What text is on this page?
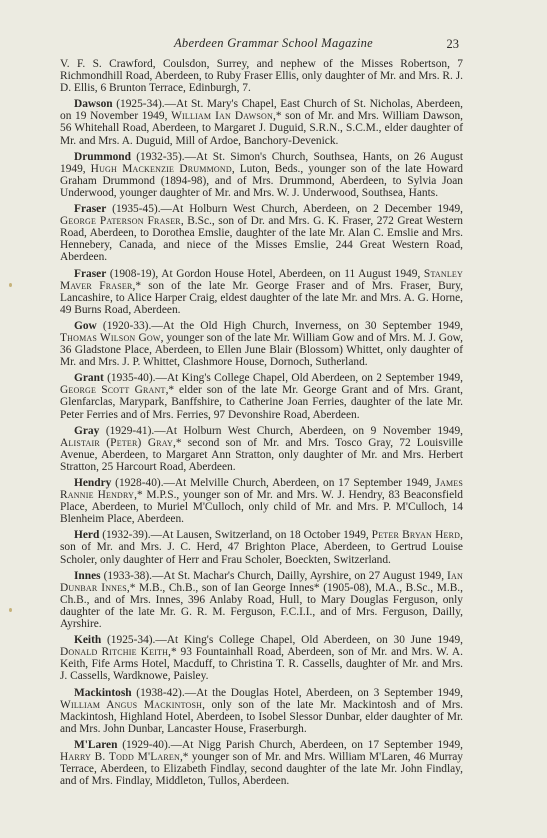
Aberdeen Grammar School Magazine	23

V. F. S. Crawford, Coulsdon, Surrey, and nephew of the Misses Robertson, 7 Richmondhill Road, Aberdeen, to Ruby Fraser Ellis, only daughter of Mr. and Mrs. R. J. D. Ellis, 6 Brunton Terrace, Edinburgh, 7.

Dawson (1925-34).—At St. Mary's Chapel, East Church of St. Nicholas, Aberdeen, on 19 November 1949, William Ian Dawson,* son of Mr. and Mrs. William Dawson, 56 Whitehall Road, Aberdeen, to Margaret J. Duguid, S.R.N., S.C.M., elder daughter of Mr. and Mrs. A. Duguid, Mill of Ardoe, Banchory-Devenick.

Drummond (1932-35).—At St. Simon's Church, Southsea, Hants, on 26 August 1949, Hugh Mackenzie Drummond, Luton, Beds., younger son of the late Howard Graham Drummond (1894-98), and of Mrs. Drummond, Aberdeen, to Sylvia Joan Underwood, younger daughter of Mr. and Mrs. W. J. Underwood, Southsea, Hants.

Fraser (1935-45).—At Holburn West Church, Aberdeen, on 2 December 1949, George Paterson Fraser, B.Sc., son of Dr. and Mrs. G. K. Fraser, 272 Great Western Road, Aberdeen, to Dorothea Emslie, daughter of the late Mr. Alan C. Emslie and Mrs. Hennebery, Canada, and niece of the Misses Emslie, 244 Great Western Road, Aberdeen.

Fraser (1908-19), At Gordon House Hotel, Aberdeen, on 11 August 1949, Stanley Maver Fraser,* son of the late Mr. George Fraser and of Mrs. Fraser, Bury, Lancashire, to Alice Harper Craig, eldest daughter of the late Mr. and Mrs. A. G. Horne, 49 Burns Road, Aberdeen.

Gow (1920-33).—At the Old High Church, Inverness, on 30 September 1949, Thomas Wilson Gow, younger son of the late Mr. William Gow and of Mrs. M. J. Gow, 36 Gladstone Place, Aberdeen, to Ellen June Blair (Blossom) Whittet, only daughter of Mr. and Mrs. J. P. Whittet, Clashmore House, Dornoch, Sutherland.

Grant (1935-40).—At King's College Chapel, Old Aberdeen, on 2 September 1949, George Scott Grant,* elder son of the late Mr. George Grant and of Mrs. Grant, Glenfarclas, Marypark, Banffshire, to Catherine Joan Ferries, daughter of the late Mr. Peter Ferries and of Mrs. Ferries, 97 Devonshire Road, Aberdeen.

Gray (1929-41).—At Holburn West Church, Aberdeen, on 9 November 1949, Alistair (Peter) Gray,* second son of Mr. and Mrs. Tosco Gray, 72 Louisville Avenue, Aberdeen, to Margaret Ann Stratton, only daughter of Mr. and Mrs. Herbert Stratton, 25 Harcourt Road, Aberdeen.

Hendry (1928-40).—At Melville Church, Aberdeen, on 17 September 1949, James Rannie Hendry,* M.P.S., younger son of Mr. and Mrs. W. J. Hendry, 83 Beaconsfield Place, Aberdeen, to Muriel M'Culloch, only child of Mr. and Mrs. P. M'Culloch, 14 Blenheim Place, Aberdeen.

Herd (1932-39).—At Lausen, Switzerland, on 18 October 1949, Peter Bryan Herd, son of Mr. and Mrs. J. C. Herd, 47 Brighton Place, Aberdeen, to Gertrud Louise Scholer, only daughter of Herr and Frau Scholer, Boeckten, Switzerland.

Innes (1933-38).—At St. Machar's Church, Dailly, Ayrshire, on 27 August 1949, Ian Dunbar Innes,* M.B., Ch.B., son of Ian George Innes* (1905-08), M.A., B.Sc., M.B., Ch.B., and of Mrs. Innes, 396 Anlaby Road, Hull, to Mary Douglas Ferguson, only daughter of the late Mr. G. R. M. Ferguson, F.C.I.I., and of Mrs. Ferguson, Dailly, Ayrshire.

Keith (1925-34).—At King's College Chapel, Old Aberdeen, on 30 June 1949, Donald Ritchie Keith,* 93 Fountainhall Road, Aberdeen, son of Mr. and Mrs. W. A. Keith, Fife Arms Hotel, Macduff, to Christina T. R. Cassells, daughter of Mr. and Mrs. J. Cassells, Wardknowe, Paisley.

Mackintosh (1938-42).—At the Douglas Hotel, Aberdeen, on 3 September 1949, William Angus Mackintosh, only son of the late Mr. Mackintosh and of Mrs. Mackintosh, Highland Hotel, Aberdeen, to Isobel Slessor Dunbar, elder daughter of Mr. and Mrs. John Dunbar, Lancaster House, Fraserburgh.

M'Laren (1929-40).—At Nigg Parish Church, Aberdeen, on 17 September 1949, Harry B. Todd M'Laren,* younger son of Mr. and Mrs. William M'Laren, 46 Murray Terrace, Aberdeen, to Elizabeth Findlay, second daughter of the late Mr. John Findlay, and of Mrs. Findlay, Middleton, Tullos, Aberdeen.
